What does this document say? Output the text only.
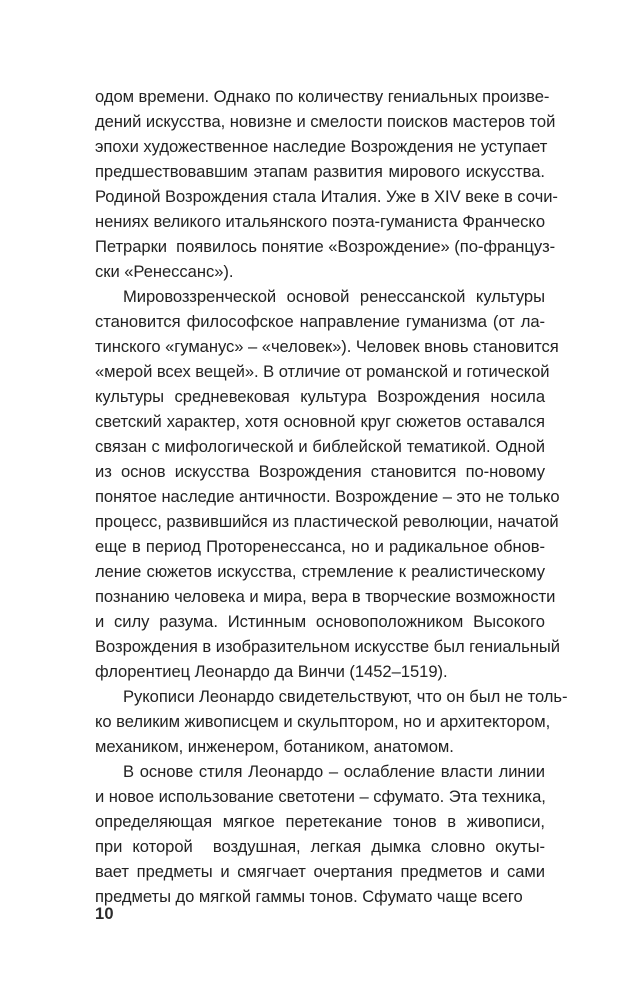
одом времени. Однако по количеству гениальных произве-
дений искусства, новизне и смелости поисков мастеров той
эпохи художественное наследие Возрождения не уступает
предшествовавшим этапам развития мирового искусства.
Родиной Возрождения стала Италия. Уже в XIV веке в сочи-
нениях великого итальянского поэта-гуманиста Франческо
Петрарки  появилось понятие «Возрождение» (по-француз-
ски «Ренессанс»).

Мировоззренческой основой ренессанской культуры
становится философское направление гуманизма (от ла-
тинского «гуманус» – «человек»). Человек вновь становится
«мерой всех вещей». В отличие от романской и готической
культуры средневековая культура Возрождения носила
светский характер, хотя основной круг сюжетов оставался
связан с мифологической и библейской тематикой. Одной
из основ искусства Возрождения становится по-новому
понятое наследие античности. Возрождение – это не только
процесс, развившийся из пластической революции, начатой
еще в период Проторенессанса, но и радикальное обнов-
ление сюжетов искусства, стремление к реалистическому
познанию человека и мира, вера в творческие возможности
и силу разума. Истинным основоположником Высокого
Возрождения в изобразительном искусстве был гениальный
флорентиец Леонардо да Винчи (1452–1519).

Рукописи Леонардо свидетельствуют, что он был не толь-
ко великим живописцем и скульптором, но и архитектором,
механиком, инженером, ботаником, анатомом.

В основе стиля Леонардо – ослабление власти линии
и новое использование светотени – сфумато. Эта техника,
определяющая мягкое перетекание тонов в живописи,
при которой  воздушная, легкая дымка словно окуты-
вает предметы и смягчает очертания предметов и сами
предметы до мягкой гаммы тонов. Сфумато чаще всего

10
